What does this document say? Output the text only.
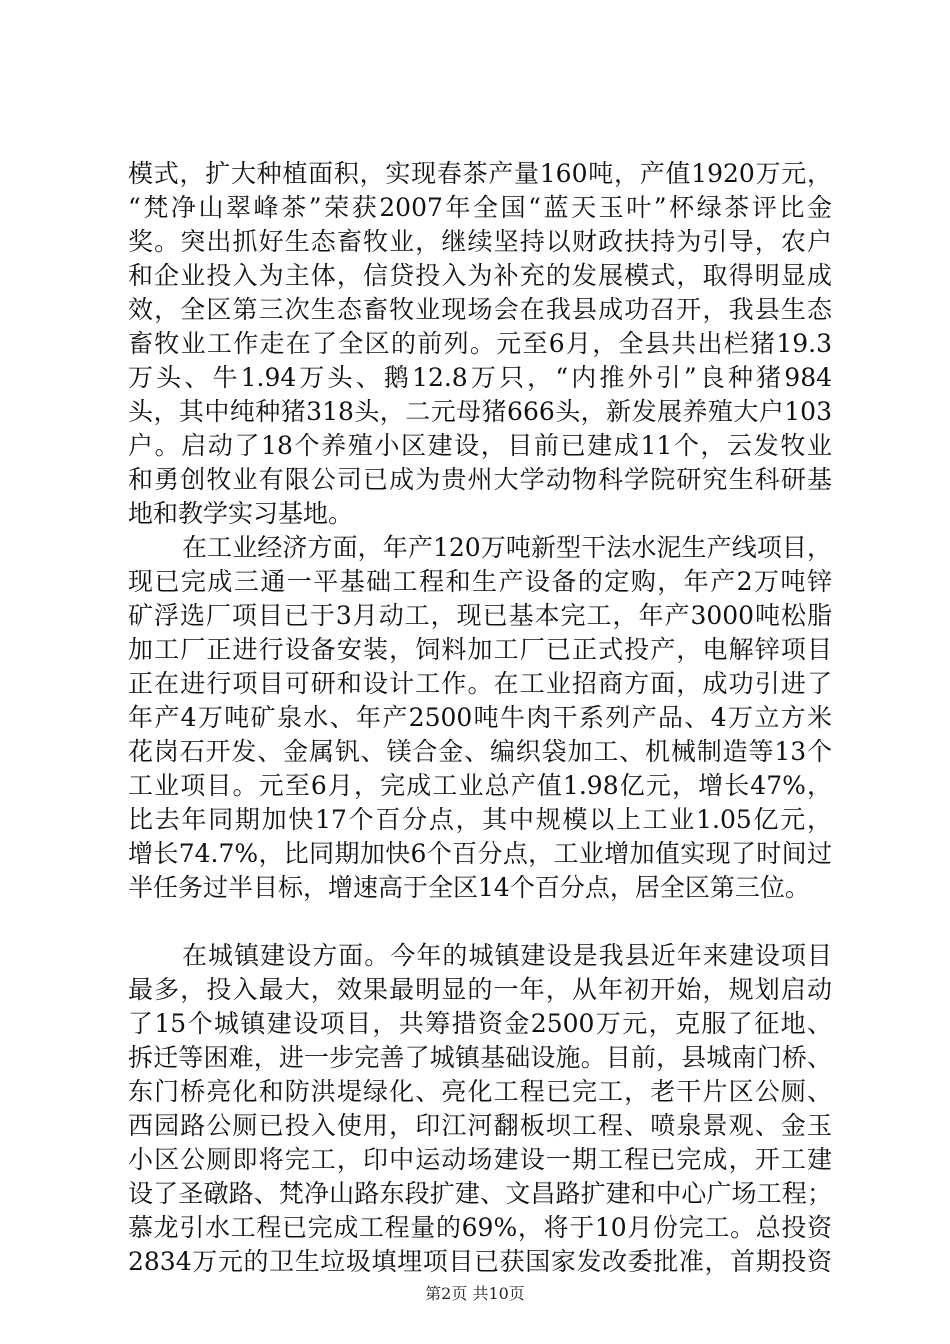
模式，扩大种植面积，实现春茶产量160吨，产值1920万元，
“梵净山翠峰茶”荣获2007年全国“蓝天玉叶”杯绿茶评比金
奖。突出抓好生态畜牧业，继续坚持以财政扶持为引导，农户
和企业投入为主体，信贷投入为补充的发展模式，取得明显成
效，全区第三次生态畜牧业现场会在我县成功召开，我县生态
畜牧业工作走在了全区的前列。元至6月，全县共出栏猪19.3
万头、牛1.94万头、鹅12.8万只，“内推外引”良种猪984
头，其中纯种猪318头，二元母猪666头，新发展养殖大户103
户。启动了18个养殖小区建设，目前已建成11个，云发牧业
和勇创牧业有限公司已成为贵州大学动物科学院研究生科研基
地和教学实习基地。
在工业经济方面，年产120万吨新型干法水泥生产线项目，
现已完成三通一平基础工程和生产设备的定购，年产2万吨锌
矿浮选厂项目已于3月动工，现已基本完工，年产3000吨松脂
加工厂正进行设备安装，饲料加工厂已正式投产，电解锌项目
正在进行项目可研和设计工作。在工业招商方面，成功引进了
年产4万吨矿泉水、年产2500吨牛肉干系列产品、4万立方米
花岗石开发、金属钒、镁合金、编织袋加工、机械制造等13个
工业项目。元至6月，完成工业总产值1.98亿元，增长47%，
比去年同期加快17个百分点，其中规模以上工业1.05亿元，
增长74.7%，比同期加快6个百分点，工业增加值实现了时间过
半任务过半目标，增速高于全区14个百分点，居全区第三位。
在城镇建设方面。今年的城镇建设是我县近年来建设项目
最多，投入最大，效果最明显的一年，从年初开始，规划启动
了15个城镇建设项目，共筹措资金2500万元，克服了征地、
拆迁等困难，进一步完善了城镇基础设施。目前，县城南门桥、
东门桥亮化和防洪堤绿化、亮化工程已完工，老干片区公厕、
西园路公厕已投入使用，印江河翻板坝工程、喷泉景观、金玉
小区公厕即将完工，印中运动场建设一期工程已完成，开工建
设了圣礅路、梵净山路东段扩建、文昌路扩建和中心广场工程；
慕龙引水工程已完成工程量的69%，将于10月份完工。总投资
2834万元的卫生垃圾填埋项目已获国家发改委批准，首期投资
第2页 共10页
